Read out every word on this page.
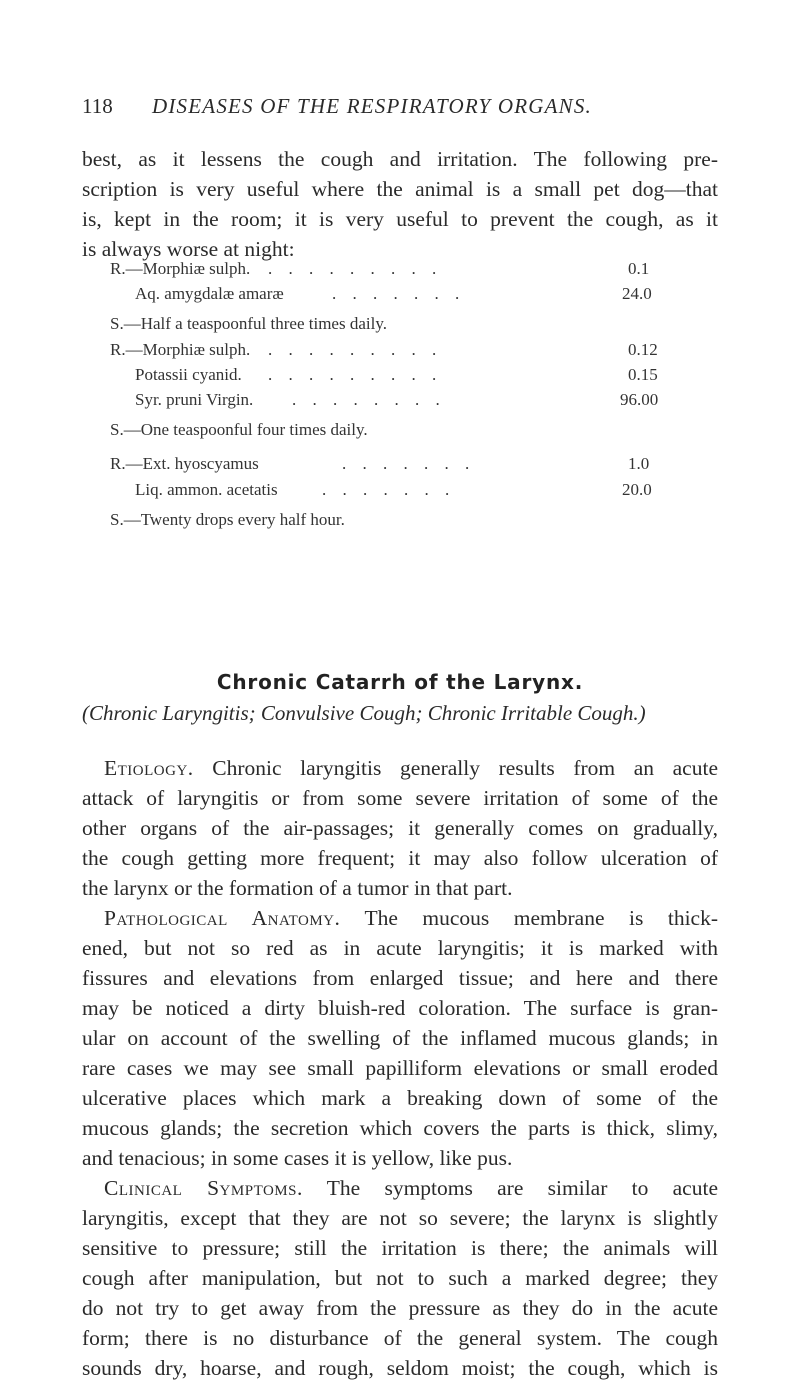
118 DISEASES OF THE RESPIRATORY ORGANS.
best, as it lessens the cough and irritation. The following pre-
scription is very useful where the animal is a small pet dog—that
is, kept in the room; it is very useful to prevent the cough, as it
is always worse at night:
R.—Morphiæ sulph. . . . . . . . . .	0.1
Aq. amygdalæ amaræ	. . . . . . .	24.0
S.—Half a teaspoonful three times daily.
R.—Morphiæ sulph. . . . . . . . . .	0.12
Potassii cyanid. . . . . . . . . .	0.15
Syr. pruni Virgin. . . . . . . . .	96.00
S.—One teaspoonful four times daily.
R.—Ext. hyoscyamus	. . . . . . .	1.0
Liq. ammon. acetatis	. . . . . . .	20.0
S.—Twenty drops every half hour.
Chronic Catarrh of the Larynx.
(Chronic Laryngitis; Convulsive Cough; Chronic Irritable Cough.)
Etiology. Chronic laryngitis generally results from an acute
attack of laryngitis or from some severe irritation of some of the
other organs of the air-passages; it generally comes on gradually,
the cough getting more frequent; it may also follow ulceration of
the larynx or the formation of a tumor in that part.
Pathological Anatomy. The mucous membrane is thick-
ened, but not so red as in acute laryngitis; it is marked with
fissures and elevations from enlarged tissue; and here and there
may be noticed a dirty bluish-red coloration. The surface is gran-
ular on account of the swelling of the inflamed mucous glands; in
rare cases we may see small papilliform elevations or small eroded
ulcerative places which mark a breaking down of some of the
mucous glands; the secretion which covers the parts is thick, slimy,
and tenacious; in some cases it is yellow, like pus.
Clinical Symptoms. The symptoms are similar to acute
laryngitis, except that they are not so severe; the larynx is slightly
sensitive to pressure; still the irritation is there; the animals will
cough after manipulation, but not to such a marked degree; they
do not try to get away from the pressure as they do in the acute
form; there is no disturbance of the general system. The cough
sounds dry, hoarse, and rough, seldom moist; the cough, which is
